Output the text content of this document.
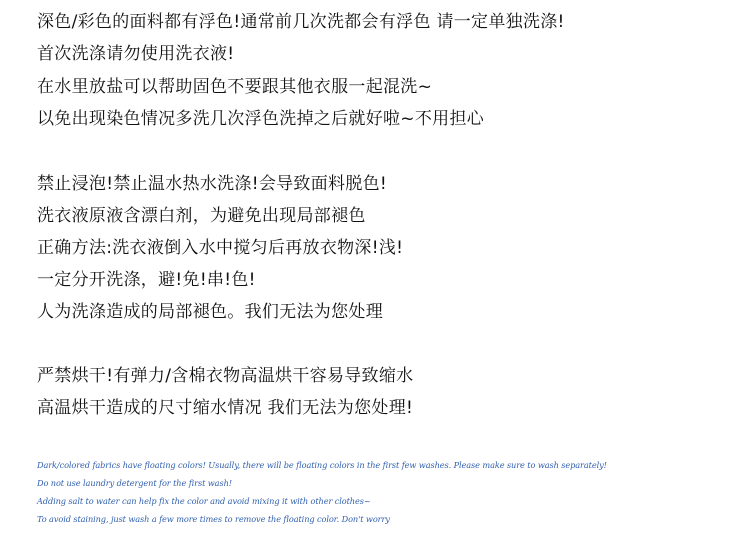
深色/彩色的面料都有浮色!通常前几次洗都会有浮色 请一定单独洗涤!
首次洗涤请勿使用洗衣液!
在水里放盐可以帮助固色不要跟其他衣服一起混洗~
以免出现染色情况多洗几次浮色洗掉之后就好啦~不用担心
禁止浸泡!禁止温水热水洗涤!会导致面料脱色!
洗衣液原液含漂白剂，为避免出现局部褪色
正确方法:洗衣液倒入水中搅匀后再放衣物深!浅!
一定分开洗涤，避!免!串!色!
人为洗涤造成的局部褪色。我们无法为您处理
严禁烘干!有弹力/含棉衣物高温烘干容易导致缩水
高温烘干造成的尺寸缩水情况 我们无法为您处理!
Dark/colored fabrics have floating colors! Usually, there will be floating colors in the first few washes. Please make sure to wash separately!
Do not use laundry detergent for the first wash!
Adding salt to water can help fix the color and avoid mixing it with other clothes~
To avoid staining, just wash a few more times to remove the floating color. Don't worry
